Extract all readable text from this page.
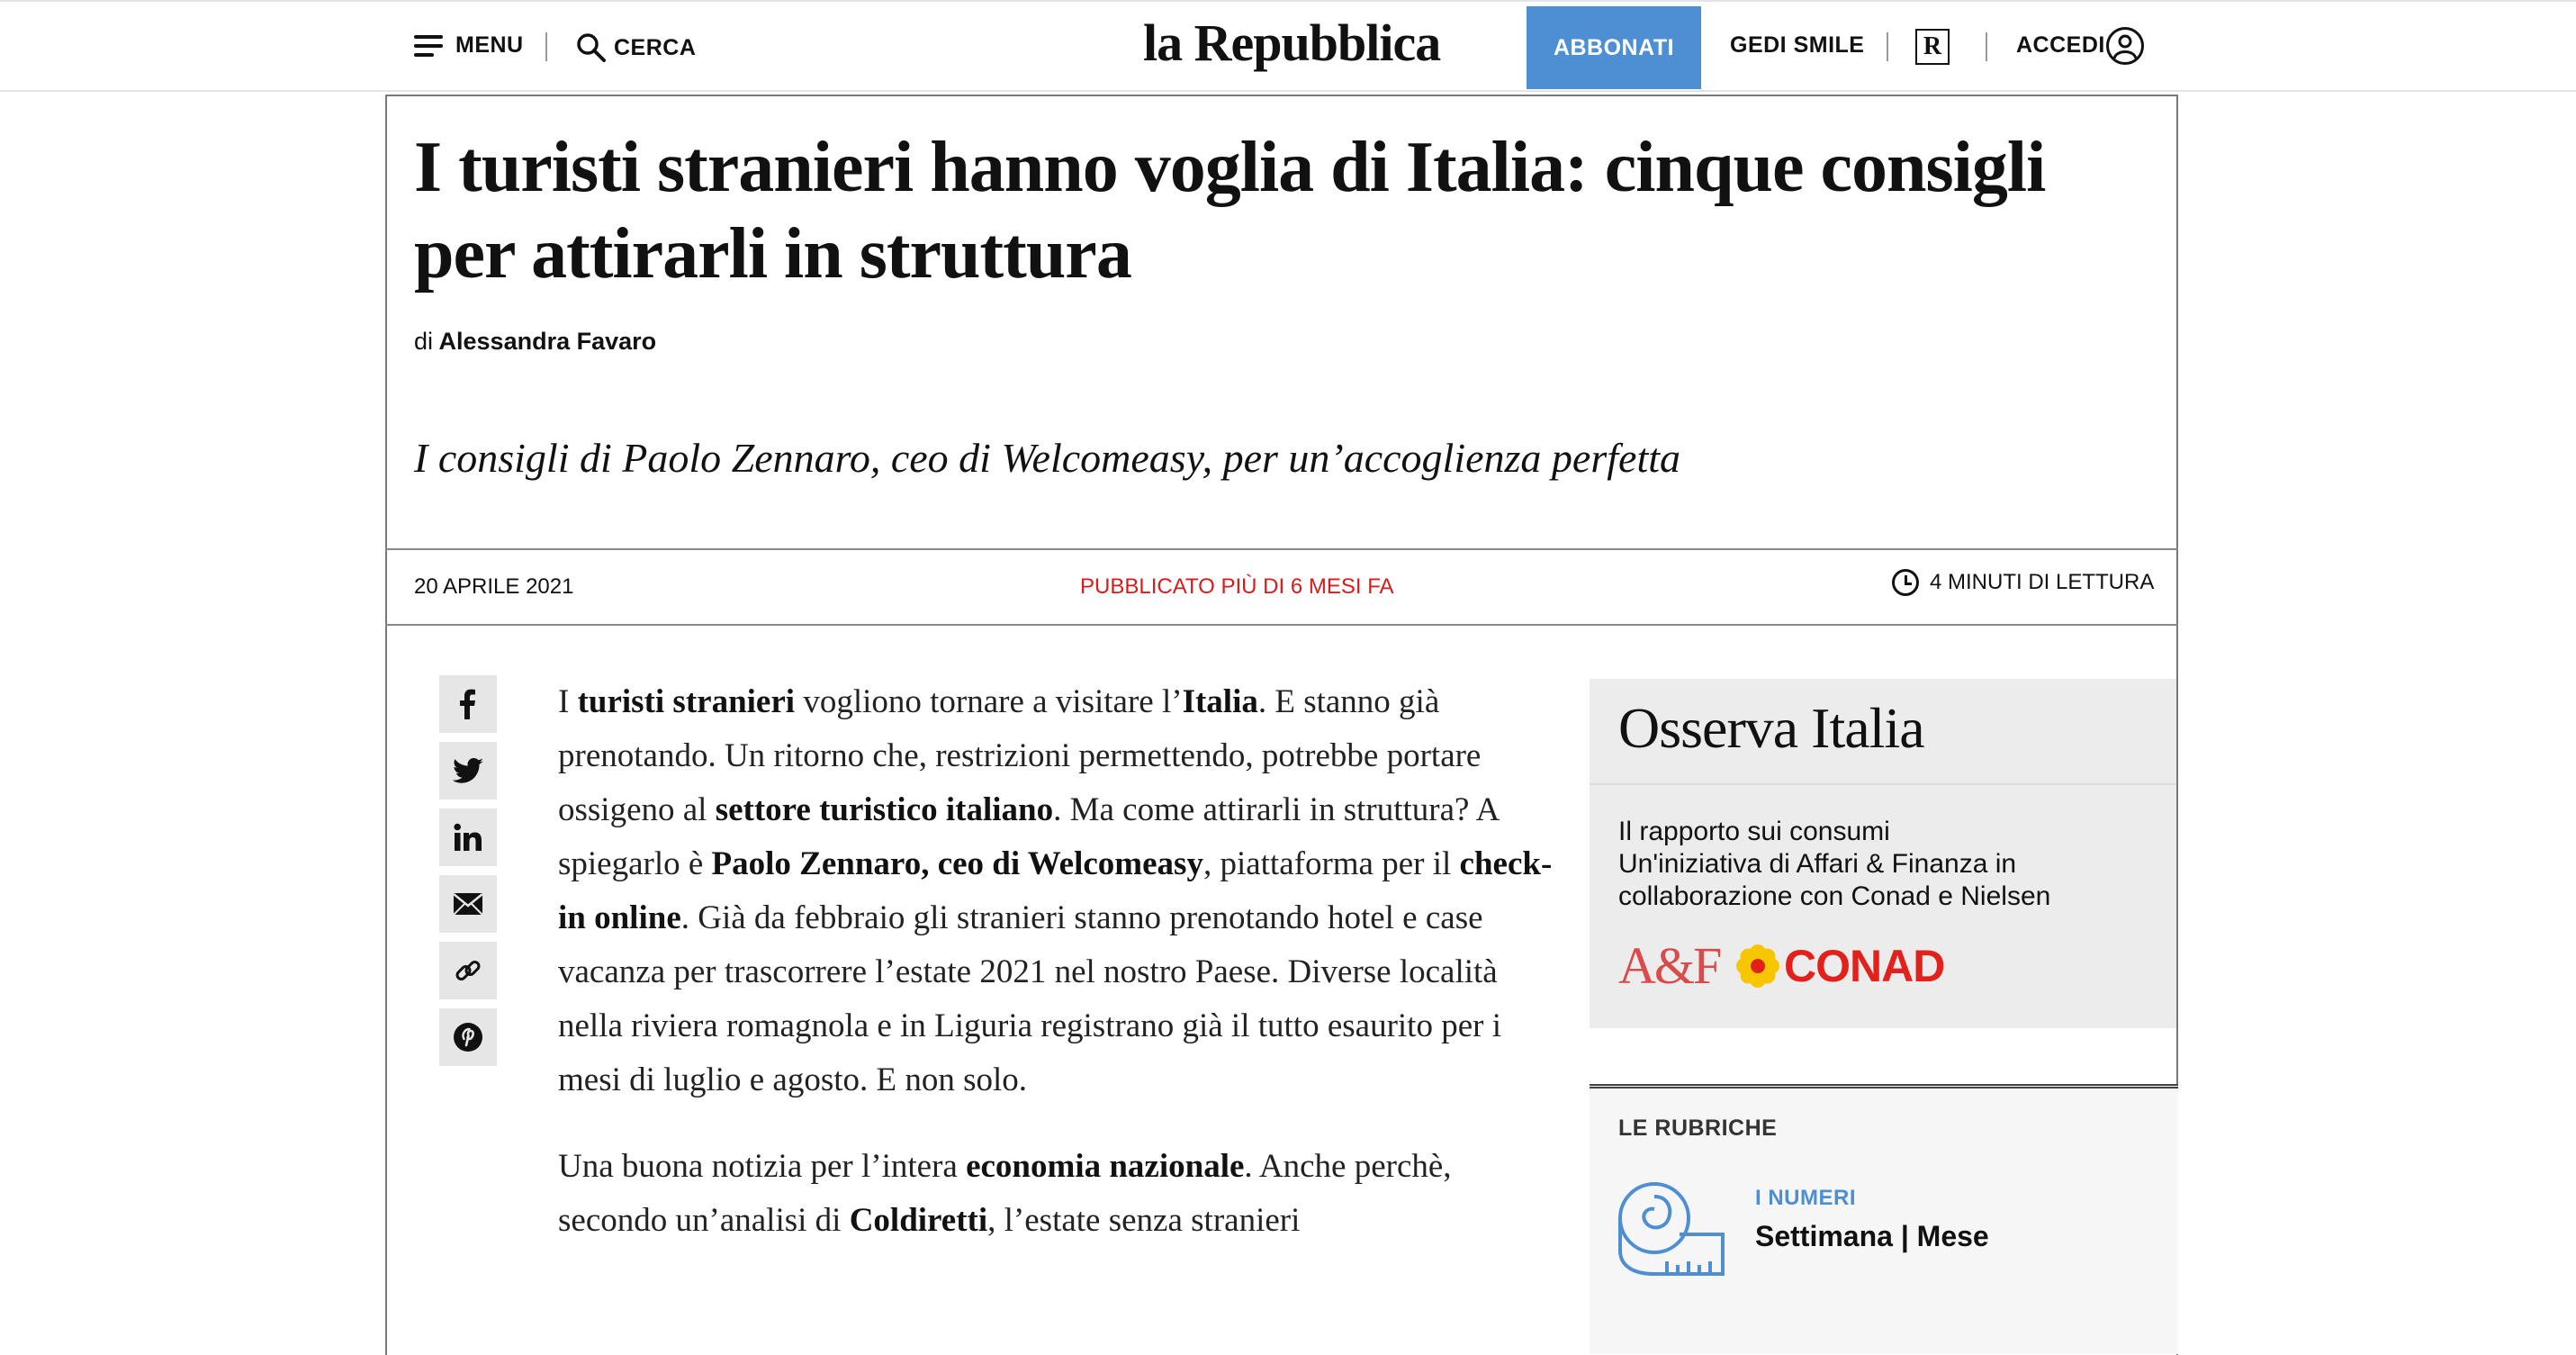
MENU	CERCA	la Repubblica	ABBONATI	GEDI SMILE	R	ACCEDI
I turisti stranieri hanno voglia di Italia: cinque consigli per attirarli in struttura
di Alessandra Favaro
I consigli di Paolo Zennaro, ceo di Welcomeasy, per un’accoglienza perfetta
20 APRILE 2021	PUBBLICATO PIÙ DI 6 MESI FA	4 MINUTI DI LETTURA

I turisti stranieri vogliono tornare a visitare l’Italia. E stanno già prenotando. Un ritorno che, restrizioni permettendo, potrebbe portare ossigeno al settore turistico italiano. Ma come attirarli in struttura? A spiegarlo è Paolo Zennaro, ceo di Welcomeasy, piattaforma per il check-in online. Già da febbraio gli stranieri stanno prenotando hotel e case vacanza per trascorrere l’estate 2021 nel nostro Paese. Diverse località nella riviera romagnola e in Liguria registrano già il tutto esaurito per i mesi di luglio e agosto. E non solo.

Una buona notizia per l’intera economia nazionale. Anche perchè, secondo un’analisi di Coldiretti, l’estate senza stranieri

Osserva Italia
Il rapporto sui consumi
Un'iniziativa di Affari & Finanza in collaborazione con Conad e Nielsen
A&F CONAD
LE RUBRICHE
I NUMERI
Settimana | Mese
